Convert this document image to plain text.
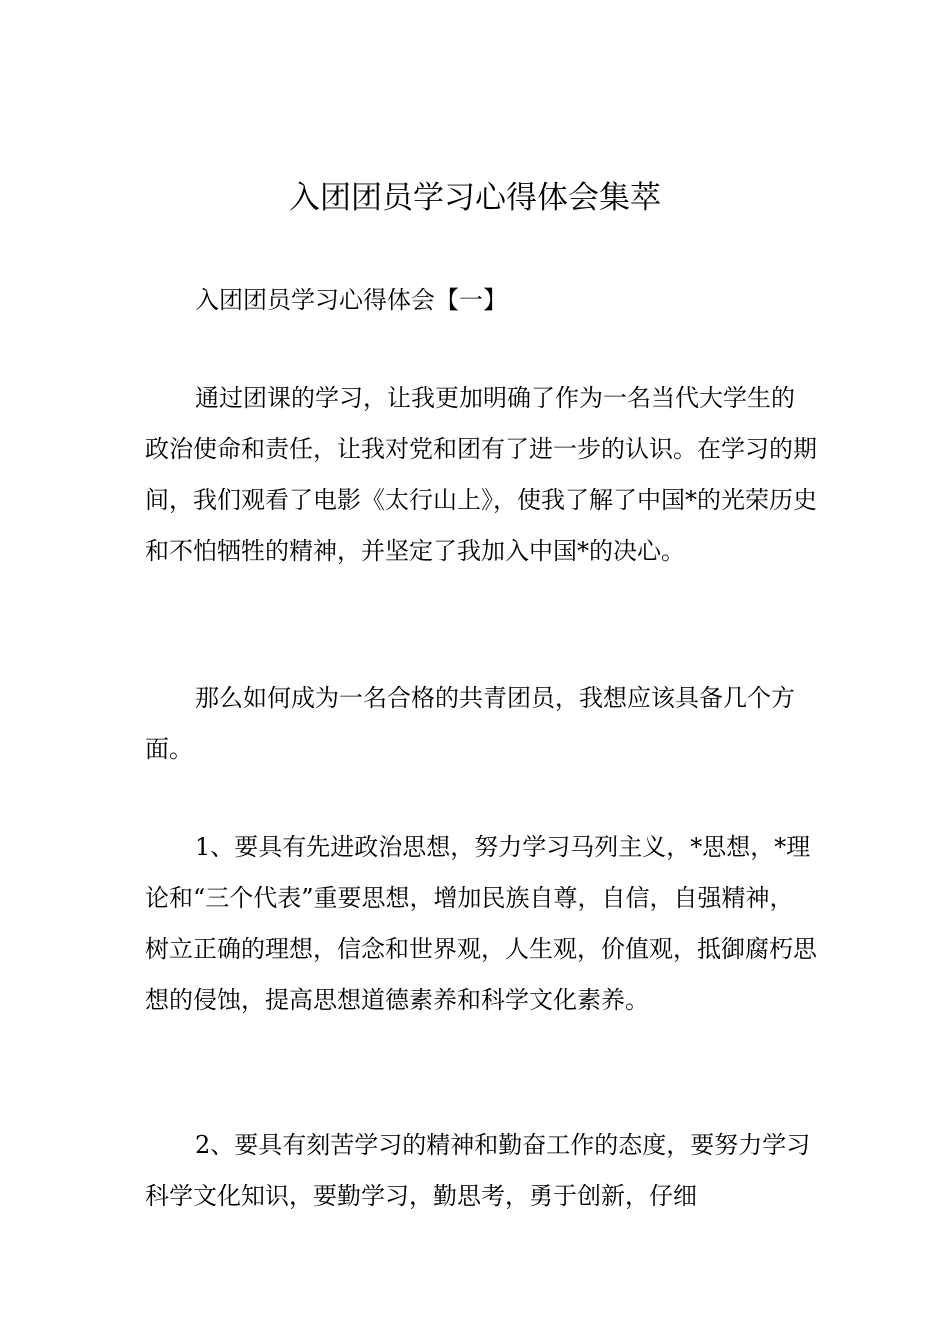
入团团员学习心得体会集萃

入团团员学习心得体会【一】

通过团课的学习，让我更加明确了作为一名当代大学生的政治使命和责任，让我对党和团有了进一步的认识。在学习的期间，我们观看了电影《太行山上》，使我了解了中国*的光荣历史和不怕牺牲的精神，并坚定了我加入中国*的决心。

那么如何成为一名合格的共青团员，我想应该具备几个方面。

1、要具有先进政治思想，努力学习马列主义，*思想，*理论和“三个代表”重要思想，增加民族自尊，自信，自强精神，树立正确的理想，信念和世界观，人生观，价值观，抵御腐朽思想的侵蚀，提高思想道德素养和科学文化素养。

2、要具有刻苦学习的精神和勤奋工作的态度，要努力学习科学文化知识，要勤学习，勤思考，勇于创新，仔细
